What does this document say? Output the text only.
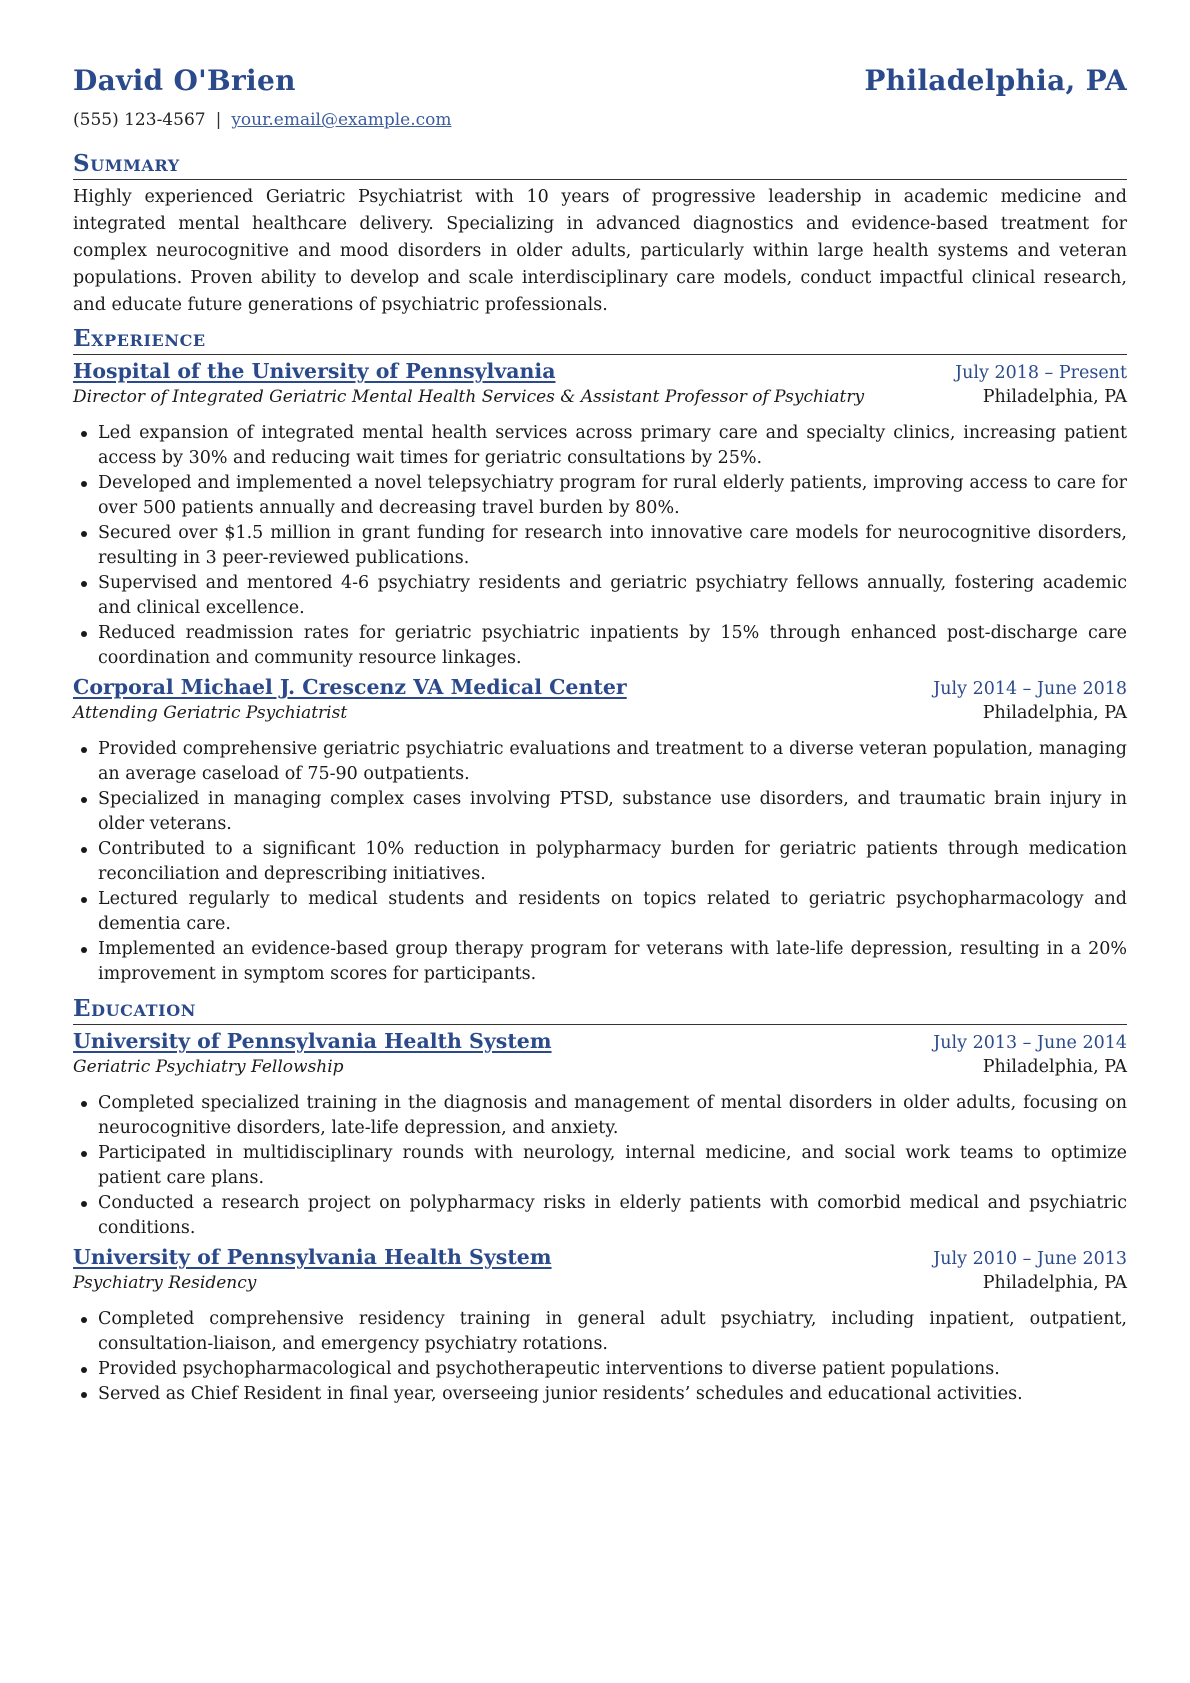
David O'Brien	Philadelphia, PA
(555) 123-4567 | your.email@example.com
Summary
Highly experienced Geriatric Psychiatrist with 10 years of progressive leadership in academic medicine and integrated mental healthcare delivery. Specializing in advanced diagnostics and evidence-based treatment for complex neurocognitive and mood disorders in older adults, particularly within large health systems and veteran populations. Proven ability to develop and scale interdisciplinary care models, conduct impactful clinical research, and educate future generations of psychiatric professionals.
Experience
Hospital of the University of Pennsylvania	July 2018 – Present
Director of Integrated Geriatric Mental Health Services & Assistant Professor of Psychiatry	Philadelphia, PA
Led expansion of integrated mental health services across primary care and specialty clinics, increasing patient access by 30% and reducing wait times for geriatric consultations by 25%.
Developed and implemented a novel telepsychiatry program for rural elderly patients, improving access to care for over 500 patients annually and decreasing travel burden by 80%.
Secured over $1.5 million in grant funding for research into innovative care models for neurocognitive disorders, resulting in 3 peer-reviewed publications.
Supervised and mentored 4-6 psychiatry residents and geriatric psychiatry fellows annually, fostering academic and clinical excellence.
Reduced readmission rates for geriatric psychiatric inpatients by 15% through enhanced post-discharge care coordination and community resource linkages.
Corporal Michael J. Crescenz VA Medical Center	July 2014 – June 2018
Attending Geriatric Psychiatrist	Philadelphia, PA
Provided comprehensive geriatric psychiatric evaluations and treatment to a diverse veteran population, managing an average caseload of 75-90 outpatients.
Specialized in managing complex cases involving PTSD, substance use disorders, and traumatic brain injury in older veterans.
Contributed to a significant 10% reduction in polypharmacy burden for geriatric patients through medication reconciliation and deprescribing initiatives.
Lectured regularly to medical students and residents on topics related to geriatric psychopharmacology and dementia care.
Implemented an evidence-based group therapy program for veterans with late-life depression, resulting in a 20% improvement in symptom scores for participants.
Education
University of Pennsylvania Health System	July 2013 – June 2014
Geriatric Psychiatry Fellowship	Philadelphia, PA
Completed specialized training in the diagnosis and management of mental disorders in older adults, focusing on neurocognitive disorders, late-life depression, and anxiety.
Participated in multidisciplinary rounds with neurology, internal medicine, and social work teams to optimize patient care plans.
Conducted a research project on polypharmacy risks in elderly patients with comorbid medical and psychiatric conditions.
University of Pennsylvania Health System	July 2010 – June 2013
Psychiatry Residency	Philadelphia, PA
Completed comprehensive residency training in general adult psychiatry, including inpatient, outpatient, consultation-liaison, and emergency psychiatry rotations.
Provided psychopharmacological and psychotherapeutic interventions to diverse patient populations.
Served as Chief Resident in final year, overseeing junior residents’ schedules and educational activities.
